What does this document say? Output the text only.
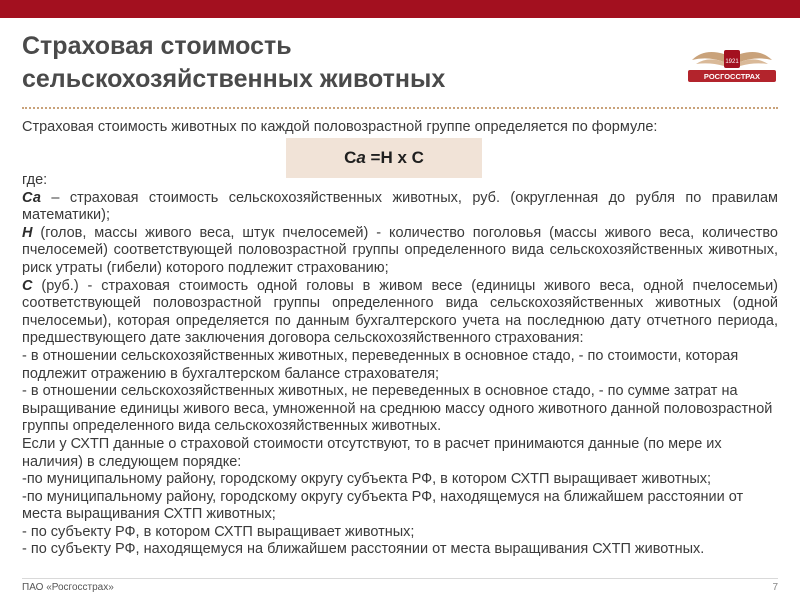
Страховая стоимость
сельскохозяйственных животных
1921
РОСГОССТРАХ
Страховая стоимость животных по каждой половозрастной группе определяется по формуле:
Са =Н х С

где:

Са – страховая стоимость сельскохозяйственных животных, руб. (округленная до рубля по правилам математики);

Н (голов, массы живого веса, штук пчелосемей) - количество поголовья (массы живого веса, количество пчелосемей) соответствующей половозрастной группы определенного вида сельскохозяйственных животных, риск утраты (гибели) которого подлежит страхованию;

С (руб.) - страховая стоимость одной головы в живом весе (единицы живого веса, одной пчелосемьи) соответствующей половозрастной группы определенного вида сельскохозяйственных животных (одной пчелосемьи), которая определяется по данным бухгалтерского учета на последнюю дату отчетного периода, предшествующего дате заключения договора сельскохозяйственного страхования:

- в отношении сельскохозяйственных животных, переведенных в основное стадо, - по стоимости, которая подлежит отражению в бухгалтерском балансе страхователя;

- в отношении сельскохозяйственных животных, не переведенных в основное стадо, - по сумме затрат на выращивание единицы живого веса, умноженной на среднюю массу одного животного данной половозрастной группы определенного вида сельскохозяйственных животных.

Если у СХТП данные о страховой стоимости отсутствуют, то в расчет принимаются данные (по мере их наличия) в следующем порядке:

-по муниципальному району, городскому округу субъекта РФ, в котором СХТП выращивает животных;

-по муниципальному району, городскому округу субъекта РФ, находящемуся на ближайшем расстоянии от места выращивания СХТП животных;

- по субъекту РФ, в котором СХТП выращивает животных;

- по субъекту РФ, находящемуся на ближайшем расстоянии от места выращивания СХТП животных.

ПАО «Росгосстрах»	7
